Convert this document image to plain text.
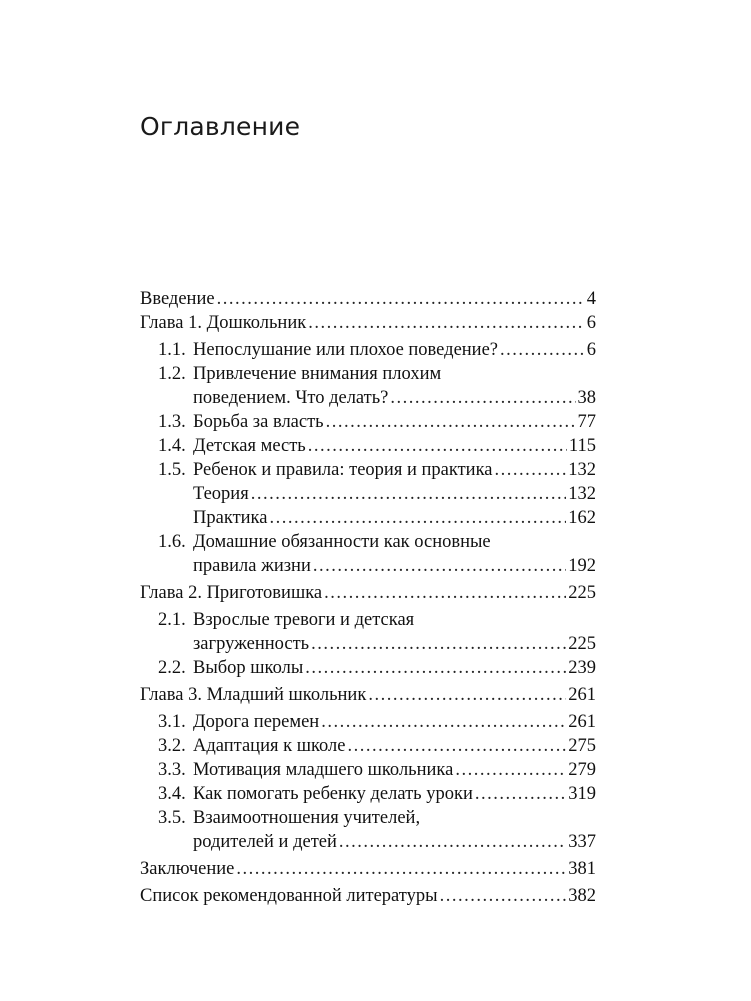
Оглавление
Введение .....	4
Глава 1. Дошкольник .....	6
1.1. Непослушание или плохое поведение? .....	6
1.2. Привлечение внимания плохим
поведением. Что делать? .....	38
1.3. Борьба за власть .....	77
1.4. Детская месть .....	115
1.5. Ребенок и правила: теория и практика .....	132
Теория .....	132
Практика .....	162
1.6. Домашние обязанности как основные
правила жизни .....	192
Глава 2. Приготовишка .....	225
2.1. Взрослые тревоги и детская
загруженность .....	225
2.2. Выбор школы .....	239
Глава 3. Младший школьник .....	261
3.1. Дорога перемен .....	261
3.2. Адаптация к школе .....	275
3.3. Мотивация младшего школьника .....	279
3.4. Как помогать ребенку делать уроки .....	319
3.5. Взаимоотношения учителей,
родителей и детей .....	337
Заключение .....	381
Список рекомендованной литературы .....	382
